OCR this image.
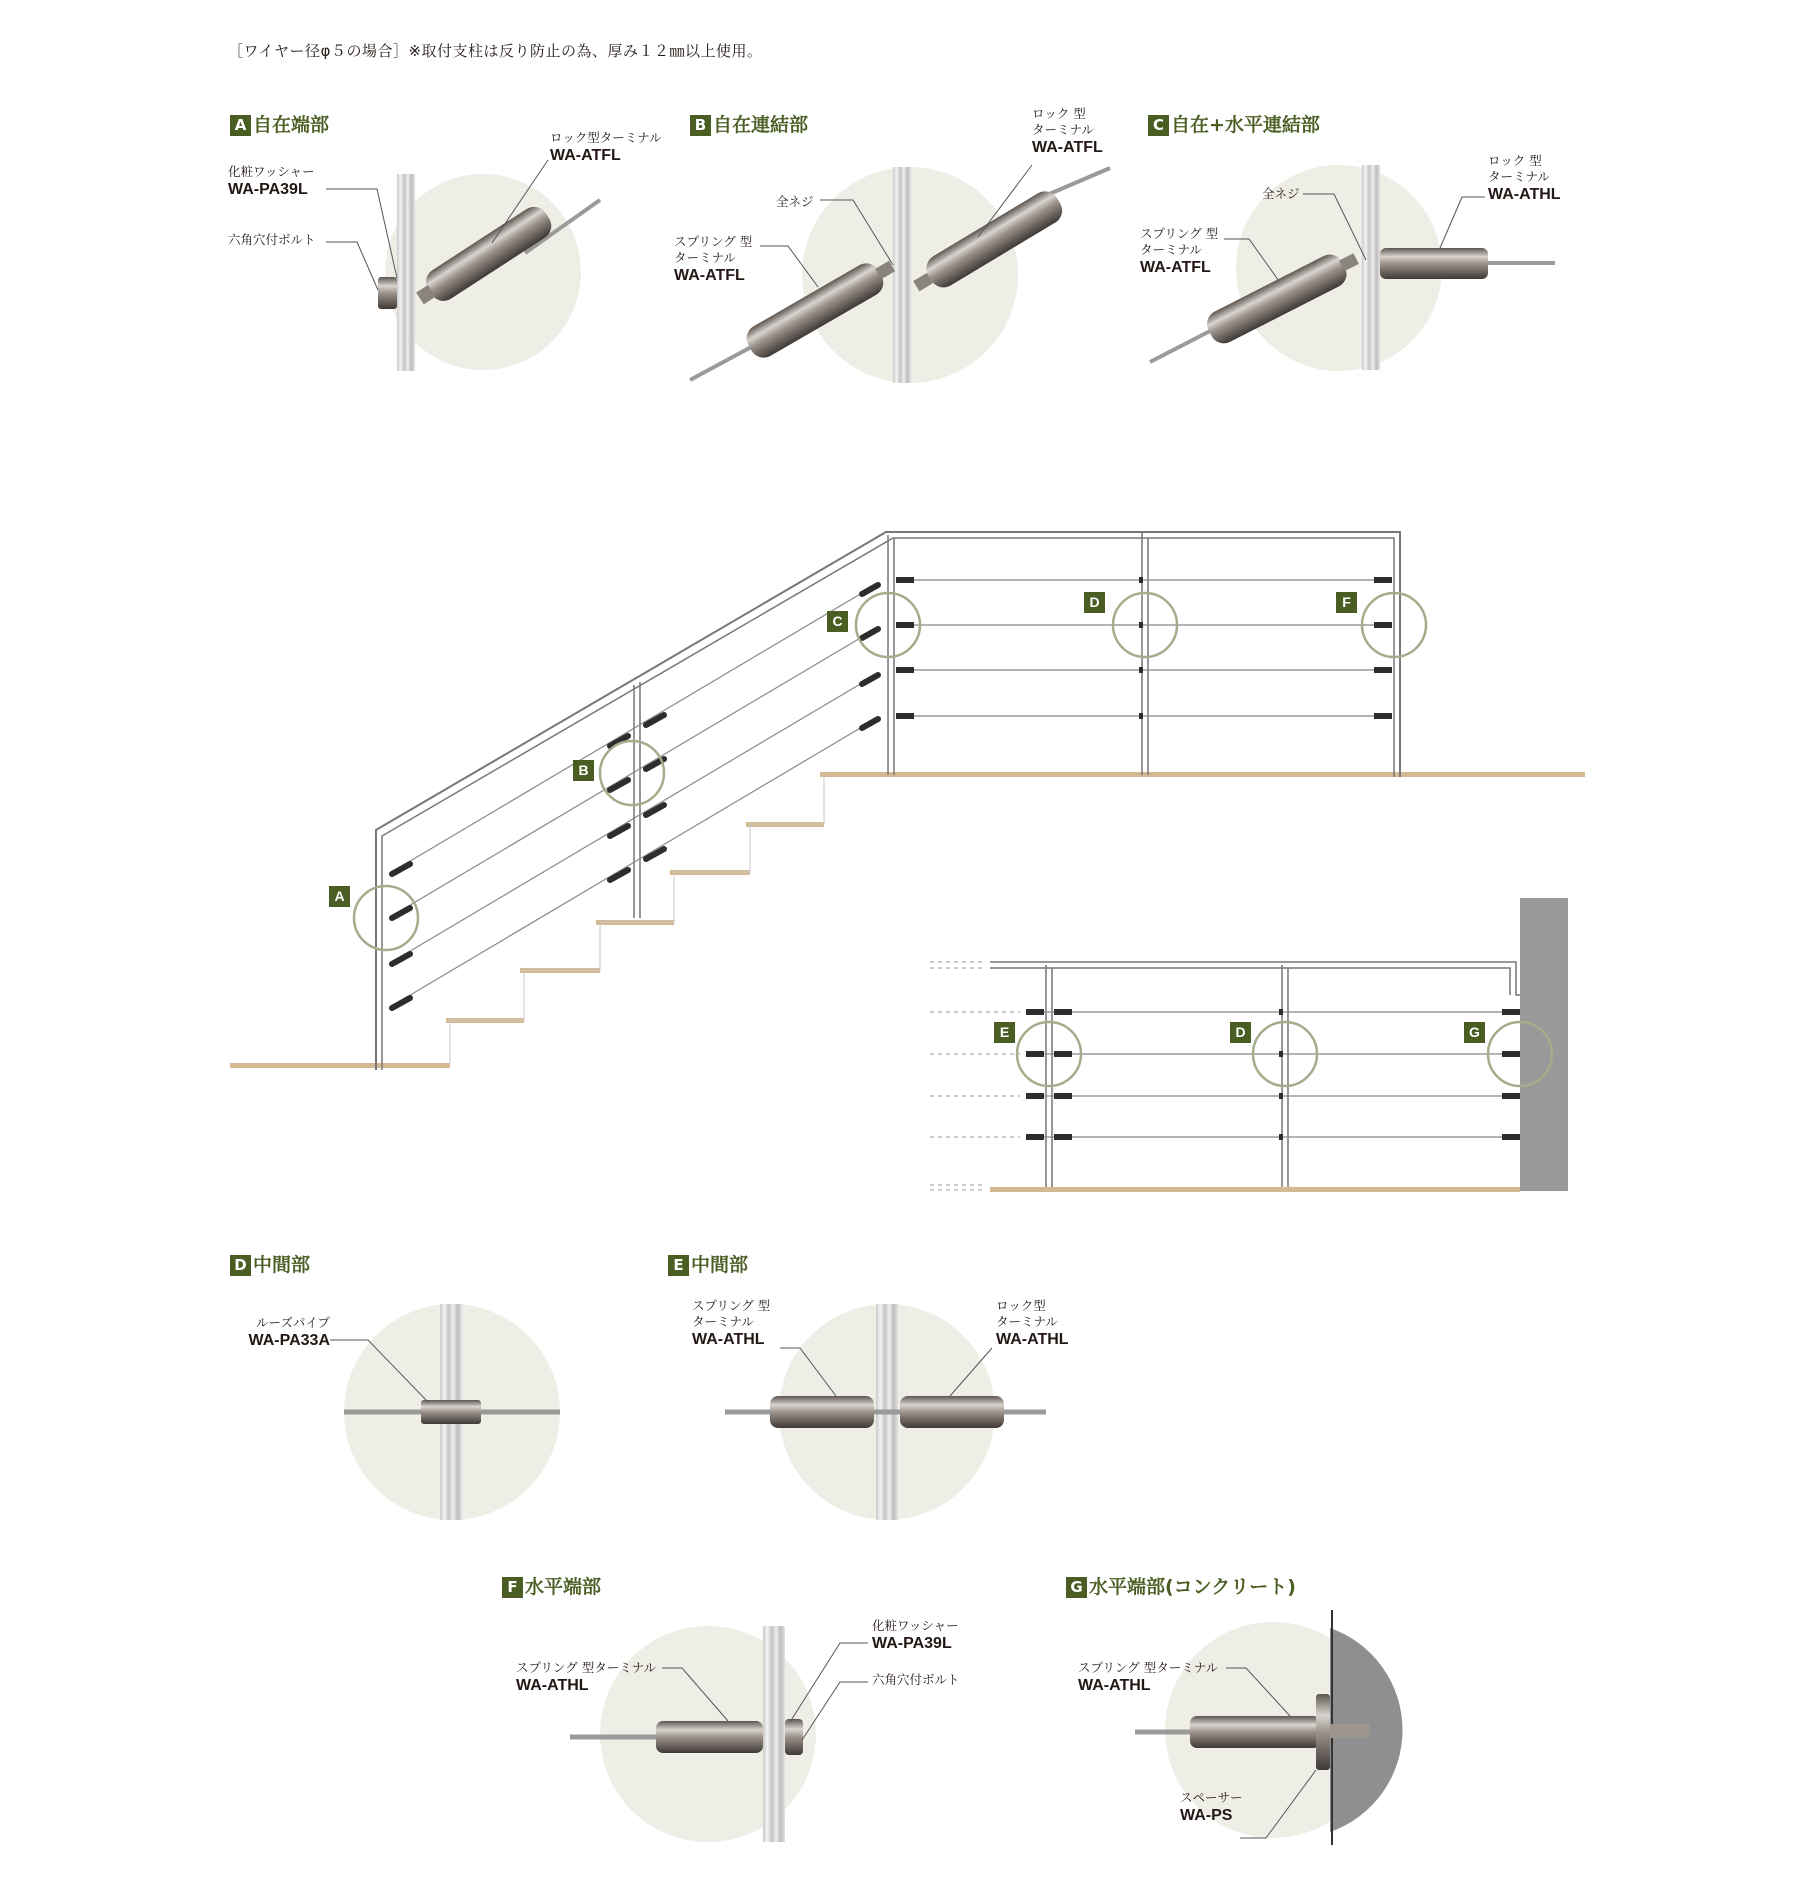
［ワイヤー径φ５の場合］※取付支柱は反り防止の為、厚み１２㎜以上使用。
A 自在端部	B 自在連結部	C 自在+水平連結部
D 中間部	E 中間部
F 水平端部	G 水平端部(コンクリート)
化粧ワッシャー
WA-PA39L
六角穴付ボルト
ロック型ターミナル
WA-ATFL
全ネジ
スプリング 型
ターミナル
WA-ATFL
ロック 型
ターミナル
WA-ATFL
全ネジ
スプリング 型
ターミナル
WA-ATFL
ロック 型
ターミナル
WA-ATHL
ルーズパイプ
WA-PA33A
スプリング 型
ターミナル
WA-ATHL
ロック型
ターミナル
WA-ATHL
スプリング 型ターミナル
WA-ATHL
化粧ワッシャー
WA-PA39L
六角穴付ボルト
スプリング 型ターミナル
WA-ATHL
スペーサー
WA-PS
A
B
C
D	F
E	D	G
